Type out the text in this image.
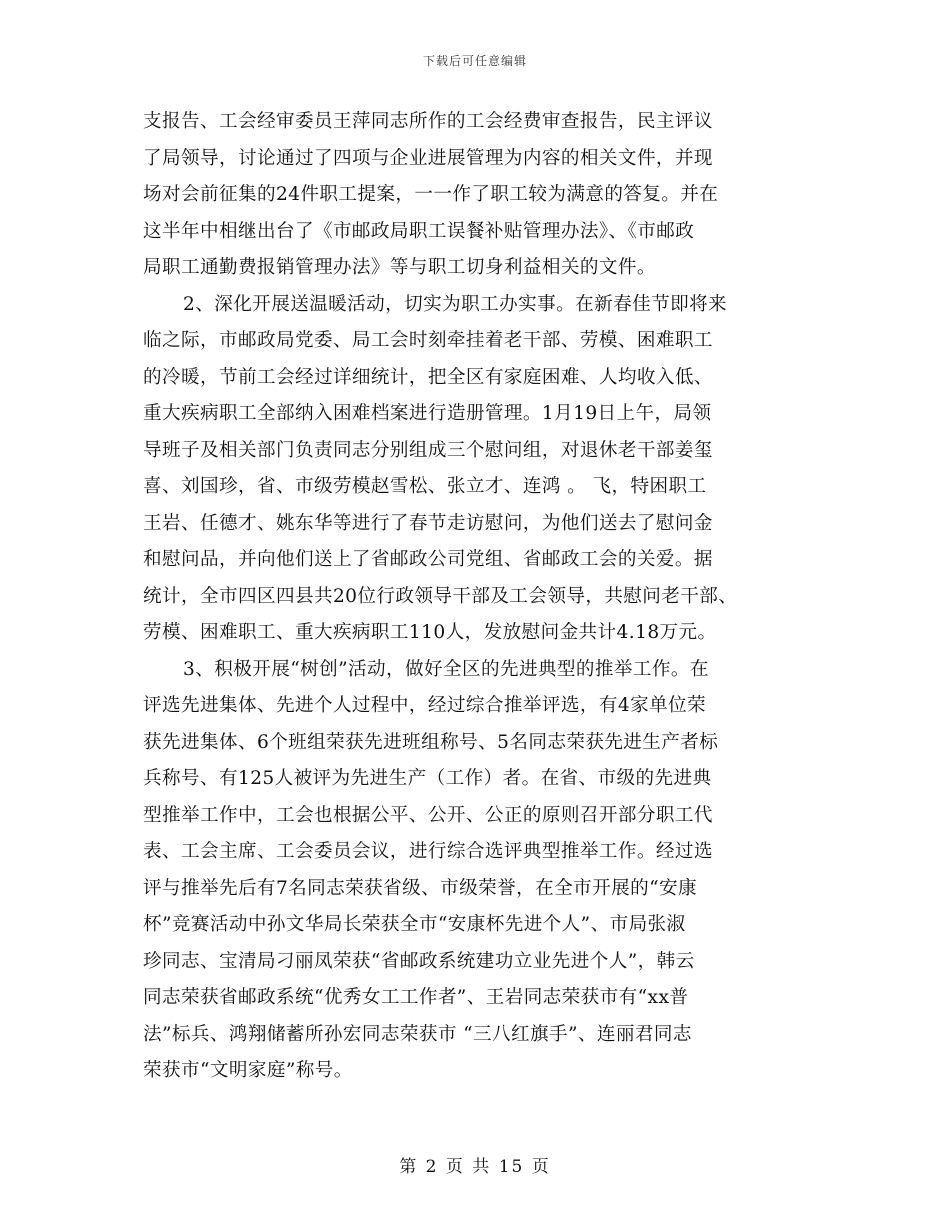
下载后可任意编辑
支报告、工会经审委员王萍同志所作的工会经费审查报告，民主评议
了局领导，讨论通过了四项与企业进展管理为内容的相关文件，并现
场对会前征集的24件职工提案，一一作了职工较为满意的答复。并在
这半年中相继出台了《市邮政局职工误餐补贴管理办法》、《市邮政
局职工通勤费报销管理办法》等与职工切身利益相关的文件。
2、深化开展送温暖活动，切实为职工办实事。在新春佳节即将来
临之际，市邮政局党委、局工会时刻牵挂着老干部、劳模、困难职工
的冷暖，节前工会经过详细统计，把全区有家庭困难、人均收入低、
重大疾病职工全部纳入困难档案进行造册管理。1月19日上午，局领
导班子及相关部门负责同志分别组成三个慰问组，对退休老干部姜玺
喜、刘国珍，省、市级劳模赵雪松、张立才、连鸿 。 飞，特困职工
王岩、任德才、姚东华等进行了春节走访慰问，为他们送去了慰问金
和慰问品，并向他们送上了省邮政公司党组、省邮政工会的关爱。据
统计，全市四区四县共20位行政领导干部及工会领导，共慰问老干部、
劳模、困难职工、重大疾病职工110人，发放慰问金共计4.18万元。
3、积极开展“树创”活动，做好全区的先进典型的推举工作。在
评选先进集体、先进个人过程中，经过综合推举评选，有4家单位荣
获先进集体、6个班组荣获先进班组称号、5名同志荣获先进生产者标
兵称号、有125人被评为先进生产（工作）者。在省、市级的先进典
型推举工作中，工会也根据公平、公开、公正的原则召开部分职工代
表、工会主席、工会委员会议，进行综合选评典型推举工作。经过选
评与推举先后有7名同志荣获省级、市级荣誉，在全市开展的“安康
杯”竞赛活动中孙文华局长荣获全市“安康杯先进个人”、市局张淑
珍同志、宝清局刁丽凤荣获“省邮政系统建功立业先进个人”，韩云
同志荣获省邮政系统“优秀女工工作者”、王岩同志荣获市有“xx普
法”标兵、鸿翔储蓄所孙宏同志荣获市 “三八红旗手”、连丽君同志
荣获市“文明家庭”称号。
第 2 页 共 15 页
